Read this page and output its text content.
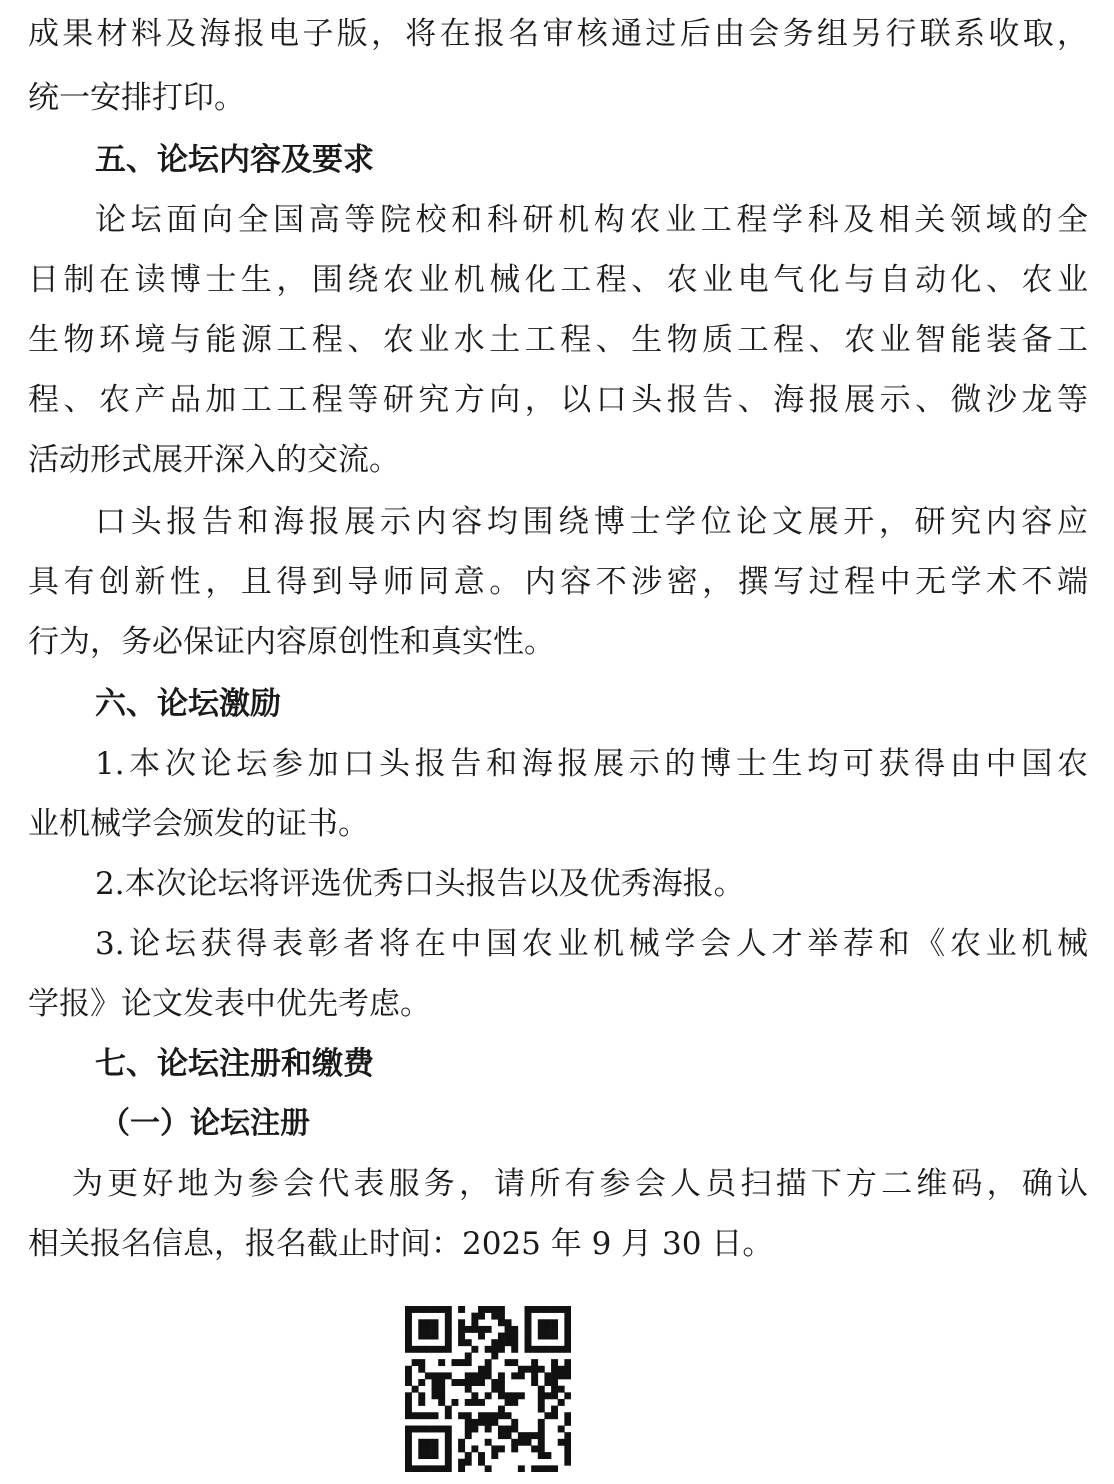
成果材料及海报电子版，将在报名审核通过后由会务组另行联系收取，
统一安排打印。
五、论坛内容及要求
论坛面向全国高等院校和科研机构农业工程学科及相关领域的全
日制在读博士生，围绕农业机械化工程、农业电气化与自动化、农业
生物环境与能源工程、农业水土工程、生物质工程、农业智能装备工
程、农产品加工工程等研究方向，以口头报告、海报展示、微沙龙等
活动形式展开深入的交流。
口头报告和海报展示内容均围绕博士学位论文展开，研究内容应
具有创新性，且得到导师同意。内容不涉密，撰写过程中无学术不端
行为，务必保证内容原创性和真实性。
六、论坛激励
1.本次论坛参加口头报告和海报展示的博士生均可获得由中国农
业机械学会颁发的证书。
2.本次论坛将评选优秀口头报告以及优秀海报。
3.论坛获得表彰者将在中国农业机械学会人才举荐和《农业机械
学报》论文发表中优先考虑。
七、论坛注册和缴费
（一）论坛注册
为更好地为参会代表服务，请所有参会人员扫描下方二维码，确认
相关报名信息，报名截止时间：2025 年 9 月 30 日。
